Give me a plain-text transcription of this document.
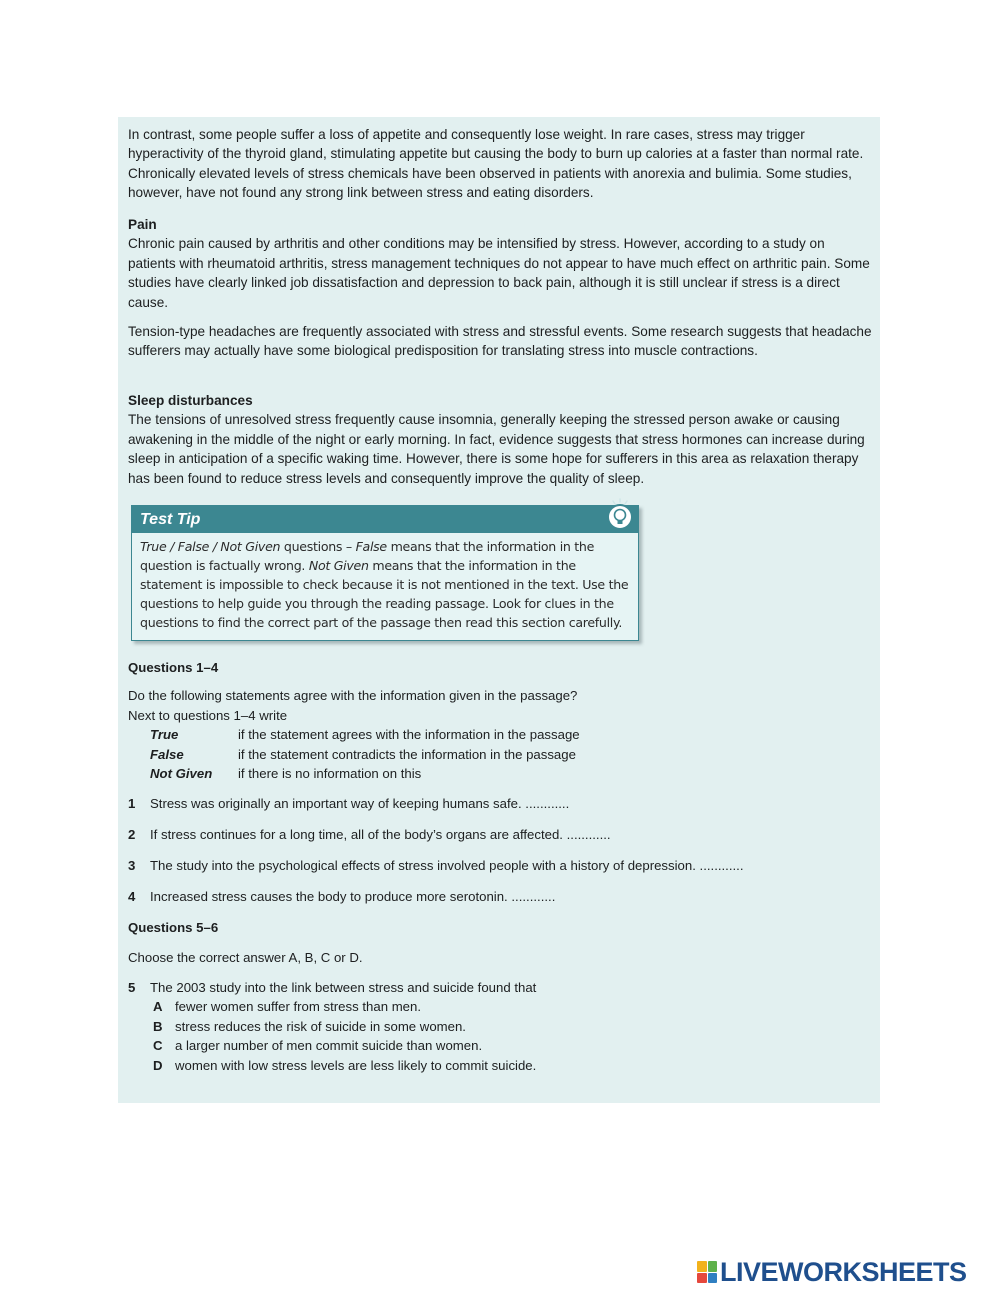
In contrast, some people suffer a loss of appetite and consequently lose weight. In rare cases, stress may trigger hyperactivity of the thyroid gland, stimulating appetite but causing the body to burn up calories at a faster than normal rate. Chronically elevated levels of stress chemicals have been observed in patients with anorexia and bulimia. Some studies, however, have not found any strong link between stress and eating disorders.

Pain

Chronic pain caused by arthritis and other conditions may be intensified by stress. However, according to a study on patients with rheumatoid arthritis, stress management techniques do not appear to have much effect on arthritic pain. Some studies have clearly linked job dissatisfaction and depression to back pain, although it is still unclear if stress is a direct cause.

Tension-type headaches are frequently associated with stress and stressful events. Some research suggests that headache sufferers may actually have some biological predisposition for translating stress into muscle contractions.

Sleep disturbances

The tensions of unresolved stress frequently cause insomnia, generally keeping the stressed person awake or causing awakening in the middle of the night or early morning. In fact, evidence suggests that stress hormones can increase during sleep in anticipation of a specific waking time. However, there is some hope for sufferers in this area as relaxation therapy has been found to reduce stress levels and consequently improve the quality of sleep.

Test Tip
True / False / Not Given questions – False means that the information in the question is factually wrong. Not Given means that the information in the statement is impossible to check because it is not mentioned in the text. Use the questions to help guide you through the reading passage. Look for clues in the questions to find the correct part of the passage then read this section carefully.

Questions 1–4

Do the following statements agree with the information given in the passage?

Next to questions 1–4 write

True	if the statement agrees with the information in the passage
False	if the statement contradicts the information in the passage
Not Given	if there is no information on this
1	Stress was originally an important way of keeping humans safe. ............
2	If stress continues for a long time, all of the body’s organs are affected. ............
3	The study into the psychological effects of stress involved people with a history of depression. ............
4	Increased stress causes the body to produce more serotonin. ............

Questions 5–6

Choose the correct answer A, B, C or D.

5	The 2003 study into the link between stress and suicide found that
A fewer women suffer from stress than men.
B stress reduces the risk of suicide in some women.
C a larger number of men commit suicide than women.
D women with low stress levels are less likely to commit suicide.
LIVEWORKSHEETS
